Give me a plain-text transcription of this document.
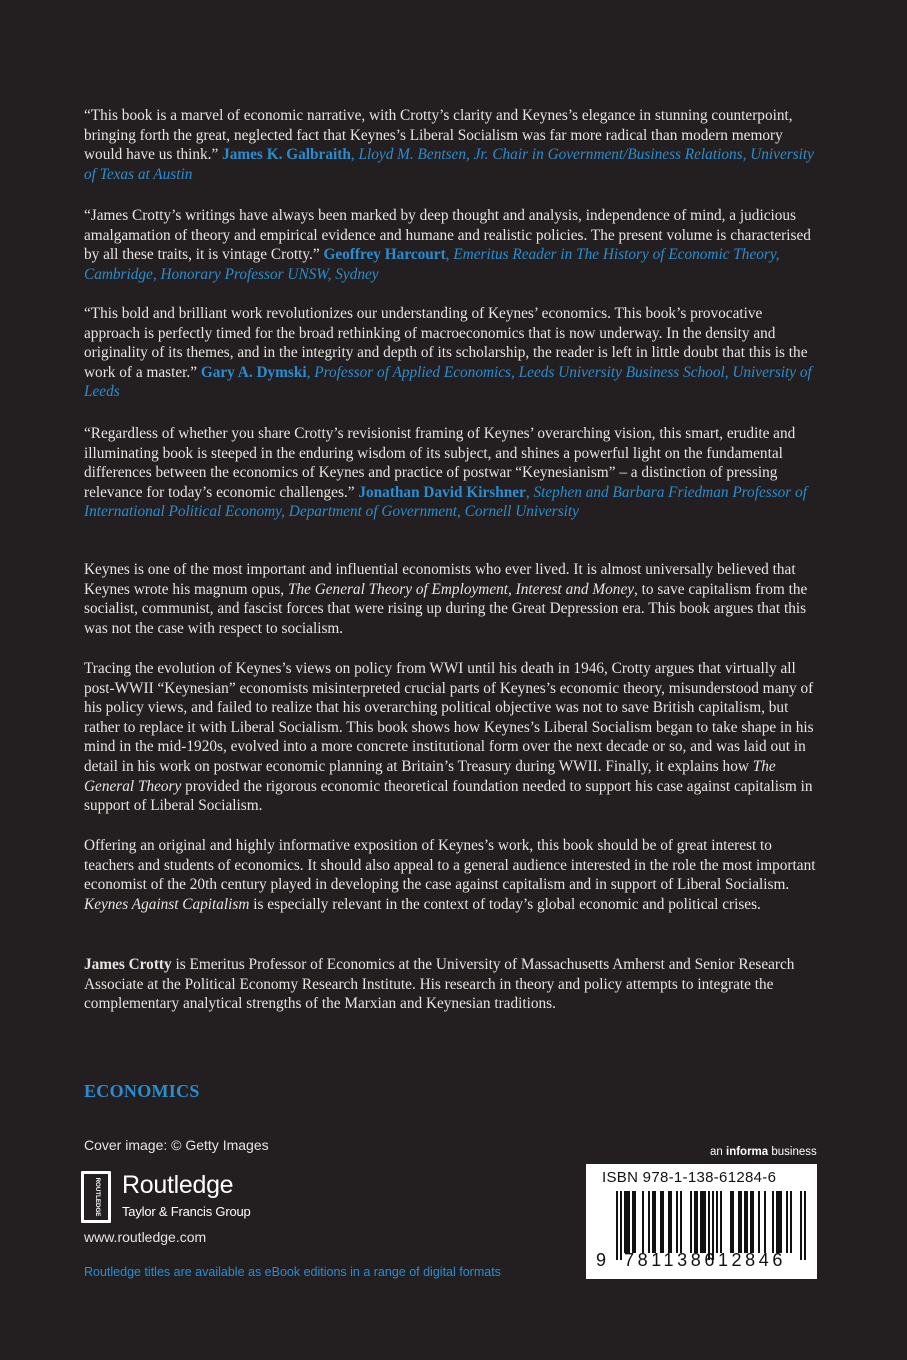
“This book is a marvel of economic narrative, with Crotty’s clarity and Keynes’s elegance in stunning counterpoint, bringing forth the great, neglected fact that Keynes’s Liberal Socialism was far more radical than modern memory would have us think.” James K. Galbraith, Lloyd M. Bentsen, Jr. Chair in Government/Business Relations, University of Texas at Austin

“James Crotty’s writings have always been marked by deep thought and analysis, independence of mind, a judicious amalgamation of theory and empirical evidence and humane and realistic policies. The present volume is characterised by all these traits, it is vintage Crotty.” Geoffrey Harcourt, Emeritus Reader in The History of Economic Theory, Cambridge, Honorary Professor UNSW, Sydney

“This bold and brilliant work revolutionizes our understanding of Keynes’ economics. This book’s provocative approach is perfectly timed for the broad rethinking of macroeconomics that is now underway. In the density and originality of its themes, and in the integrity and depth of its scholarship, the reader is left in little doubt that this is the work of a master.” Gary A. Dymski, Professor of Applied Economics, Leeds University Business School, University of Leeds

“Regardless of whether you share Crotty’s revisionist framing of Keynes’ overarching vision, this smart, erudite and illuminating book is steeped in the enduring wisdom of its subject, and shines a powerful light on the fundamental differences between the economics of Keynes and practice of postwar “Keynesianism” – a distinction of pressing relevance for today’s economic challenges.” Jonathan David Kirshner, Stephen and Barbara Friedman Professor of International Political Economy, Department of Government, Cornell University

Keynes is one of the most important and influential economists who ever lived. It is almost universally believed that Keynes wrote his magnum opus, The General Theory of Employment, Interest and Money, to save capitalism from the socialist, communist, and fascist forces that were rising up during the Great Depression era. This book argues that this was not the case with respect to socialism.

Tracing the evolution of Keynes’s views on policy from WWI until his death in 1946, Crotty argues that virtually all post-WWII “Keynesian” economists misinterpreted crucial parts of Keynes’s economic theory, misunderstood many of his policy views, and failed to realize that his overarching political objective was not to save British capitalism, but rather to replace it with Liberal Socialism. This book shows how Keynes’s Liberal Socialism began to take shape in his mind in the mid-1920s, evolved into a more concrete institutional form over the next decade or so, and was laid out in detail in his work on postwar economic planning at Britain’s Treasury during WWII. Finally, it explains how The General Theory provided the rigorous economic theoretical foundation needed to support his case against capitalism in support of Liberal Socialism.

Offering an original and highly informative exposition of Keynes’s work, this book should be of great interest to teachers and students of economics. It should also appeal to a general audience interested in the role the most important economist of the 20th century played in developing the case against capitalism and in support of Liberal Socialism. Keynes Against Capitalism is especially relevant in the context of today’s global economic and political crises.

James Crotty is Emeritus Professor of Economics at the University of Massachusetts Amherst and Senior Research Associate at the Political Economy Research Institute. His research in theory and policy attempts to integrate the complementary analytical strengths of the Marxian and Keynesian traditions.

ECONOMICS
Cover image: © Getty Images
ROUTLEDGE Routledge
Taylor & Francis Group
www.routledge.com
Routledge titles are available as eBook editions in a range of digital formats
an informa business
ISBN 978-1-138-61284-6
9 781138612846
